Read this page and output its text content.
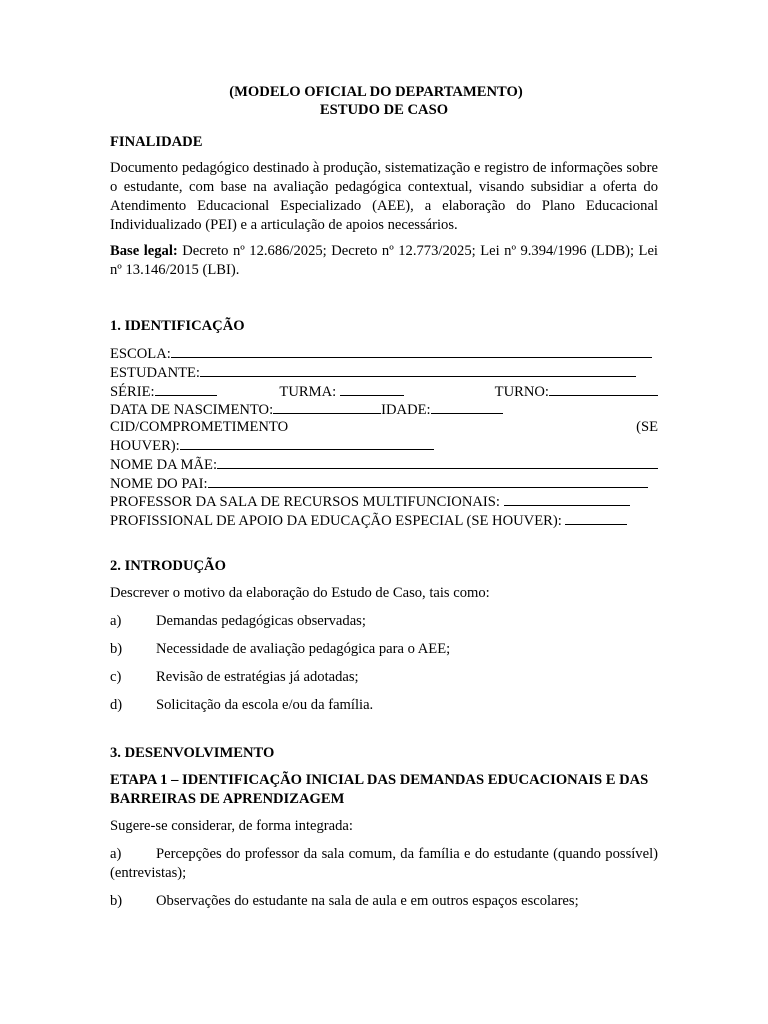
(MODELO OFICIAL DO DEPARTAMENTO)

ESTUDO DE CASO

FINALIDADE

Documento pedagógico destinado à produção, sistematização e registro de informações sobre o estudante, com base na avaliação pedagógica contextual, visando subsidiar a oferta do Atendimento Educacional Especializado (AEE), a elaboração do Plano Educacional Individualizado (PEI) e a articulação de apoios necessários.

Base legal: Decreto nº 12.686/2025; Decreto nº 12.773/2025; Lei nº 9.394/1996 (LDB); Lei nº 13.146/2015 (LBI).

1. IDENTIFICAÇÃO

ESCOLA:
ESTUDANTE:
SÉRIE:	TURMA:	TURNO:
DATA DE NASCIMENTO:	IDADE:
CID/COMPROMETIMENTO	(SE
HOUVER):
NOME DA MÃE:
NOME DO PAI:
PROFESSOR DA SALA DE RECURSOS MULTIFUNCIONAIS:
PROFISSIONAL DE APOIO DA EDUCAÇÃO ESPECIAL (SE HOUVER):

2. INTRODUÇÃO

Descrever o motivo da elaboração do Estudo de Caso, tais como:

a)	Demandas pedagógicas observadas;
b)	Necessidade de avaliação pedagógica para o AEE;
c)	Revisão de estratégias já adotadas;
d)	Solicitação da escola e/ou da família.

3. DESENVOLVIMENTO

ETAPA 1 – IDENTIFICAÇÃO INICIAL DAS DEMANDAS EDUCACIONAIS E DAS BARREIRAS DE APRENDIZAGEM

Sugere-se considerar, de forma integrada:

a) Percepções do professor da sala comum, da família e do estudante (quando possível) (entrevistas);
b)	Observações do estudante na sala de aula e em outros espaços escolares;
